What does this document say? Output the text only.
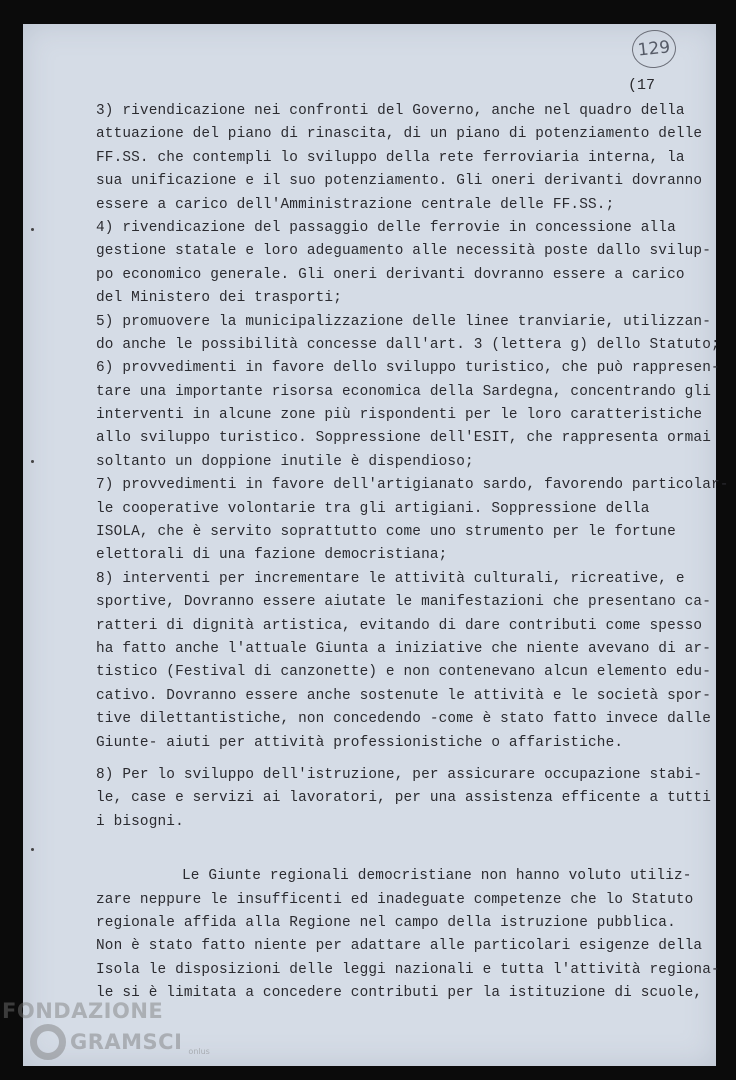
129
(17
3) rivendicazione nei confronti del Governo, anche nel quadro della
attuazione del piano di rinascita, di un piano di potenziamento delle
FF.SS. che contempli lo sviluppo della rete ferroviaria interna, la
sua unificazione e il suo potenziamento. Gli oneri derivanti dovranno
essere a carico dell'Amministrazione centrale delle FF.SS.;
4) rivendicazione del passaggio delle ferrovie in concessione alla
gestione statale e loro adeguamento alle necessità poste dallo svilup-
po economico generale. Gli oneri derivanti dovranno essere a carico
del Ministero dei trasporti;
5) promuovere la municipalizzazione delle linee tranviarie, utilizzan-
do anche le possibilità concesse dall'art. 3 (lettera g) dello Statuto;
6) provvedimenti in favore dello sviluppo turistico, che può rappresen-
tare una importante risorsa economica della Sardegna, concentrando gli
interventi in alcune zone più rispondenti per le loro caratteristiche
allo sviluppo turistico. Soppressione dell'ESIT, che rappresenta ormai
soltanto un doppione inutile è dispendioso;
7) provvedimenti in favore dell'artigianato sardo, favorendo particolar-
le cooperative volontarie tra gli artigiani. Soppressione della
ISOLA, che è servito soprattutto come uno strumento per le fortune
elettorali di una fazione democristiana;
8) interventi per incrementare le attività culturali, ricreative, e
sportive, Dovranno essere aiutate le manifestazioni che presentano ca-
ratteri di dignità artistica, evitando di dare contributi come spesso
ha fatto anche l'attuale Giunta a iniziative che niente avevano di ar-
tistico (Festival di canzonette) e non contenevano alcun elemento edu-
cativo. Dovranno essere anche sostenute le attività e le società spor-
tive dilettantistiche, non concedendo -come è stato fatto invece dalle
Giunte- aiuti per attività professionistiche o affaristiche.
8) Per lo sviluppo dell'istruzione, per assicurare occupazione stabi-
le, case e servizi ai lavoratori, per una assistenza efficente a tutti
i bisogni.
Le Giunte regionali democristiane non hanno voluto utiliz-
zare neppure le insufficenti ed inadeguate competenze che lo Statuto
regionale affida alla Regione nel campo della istruzione pubblica.
Non è stato fatto niente per adattare alle particolari esigenze della
Isola le disposizioni delle leggi nazionali e tutta l'attività regiona-
le si è limitata a concedere contributi per la istituzione di scuole,
FONDAZIONE
GRAMSCI onlus
